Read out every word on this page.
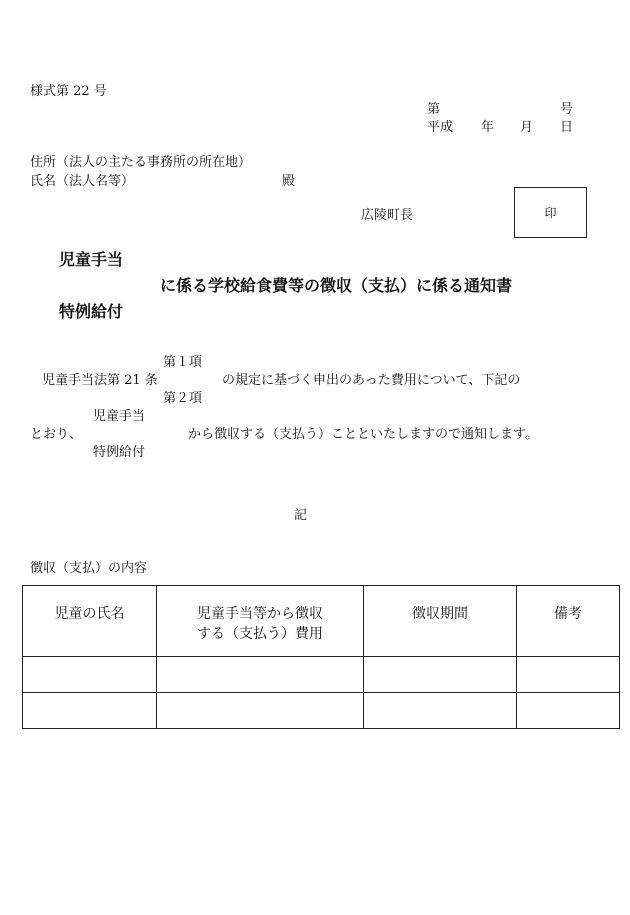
様式第 22 号
第	号
平成 年 月 日
住所（法人の主たる事務所の所在地）
氏名（法人名等）	殿
広陵町長	印
児童手当
に係る学校給食費等の徴収（支払）に係る通知書
特例給付
第１項
児童手当法第 21 条	の規定に基づく申出のあった費用について、下記の
第２項
児童手当
とおり、	から徴収する（支払う）ことといたしますので通知します。
特例給付
記
徴収（支払）の内容
児童の氏名	児童手当等から徴収
する（支払う）費用	徴収期間	備考
